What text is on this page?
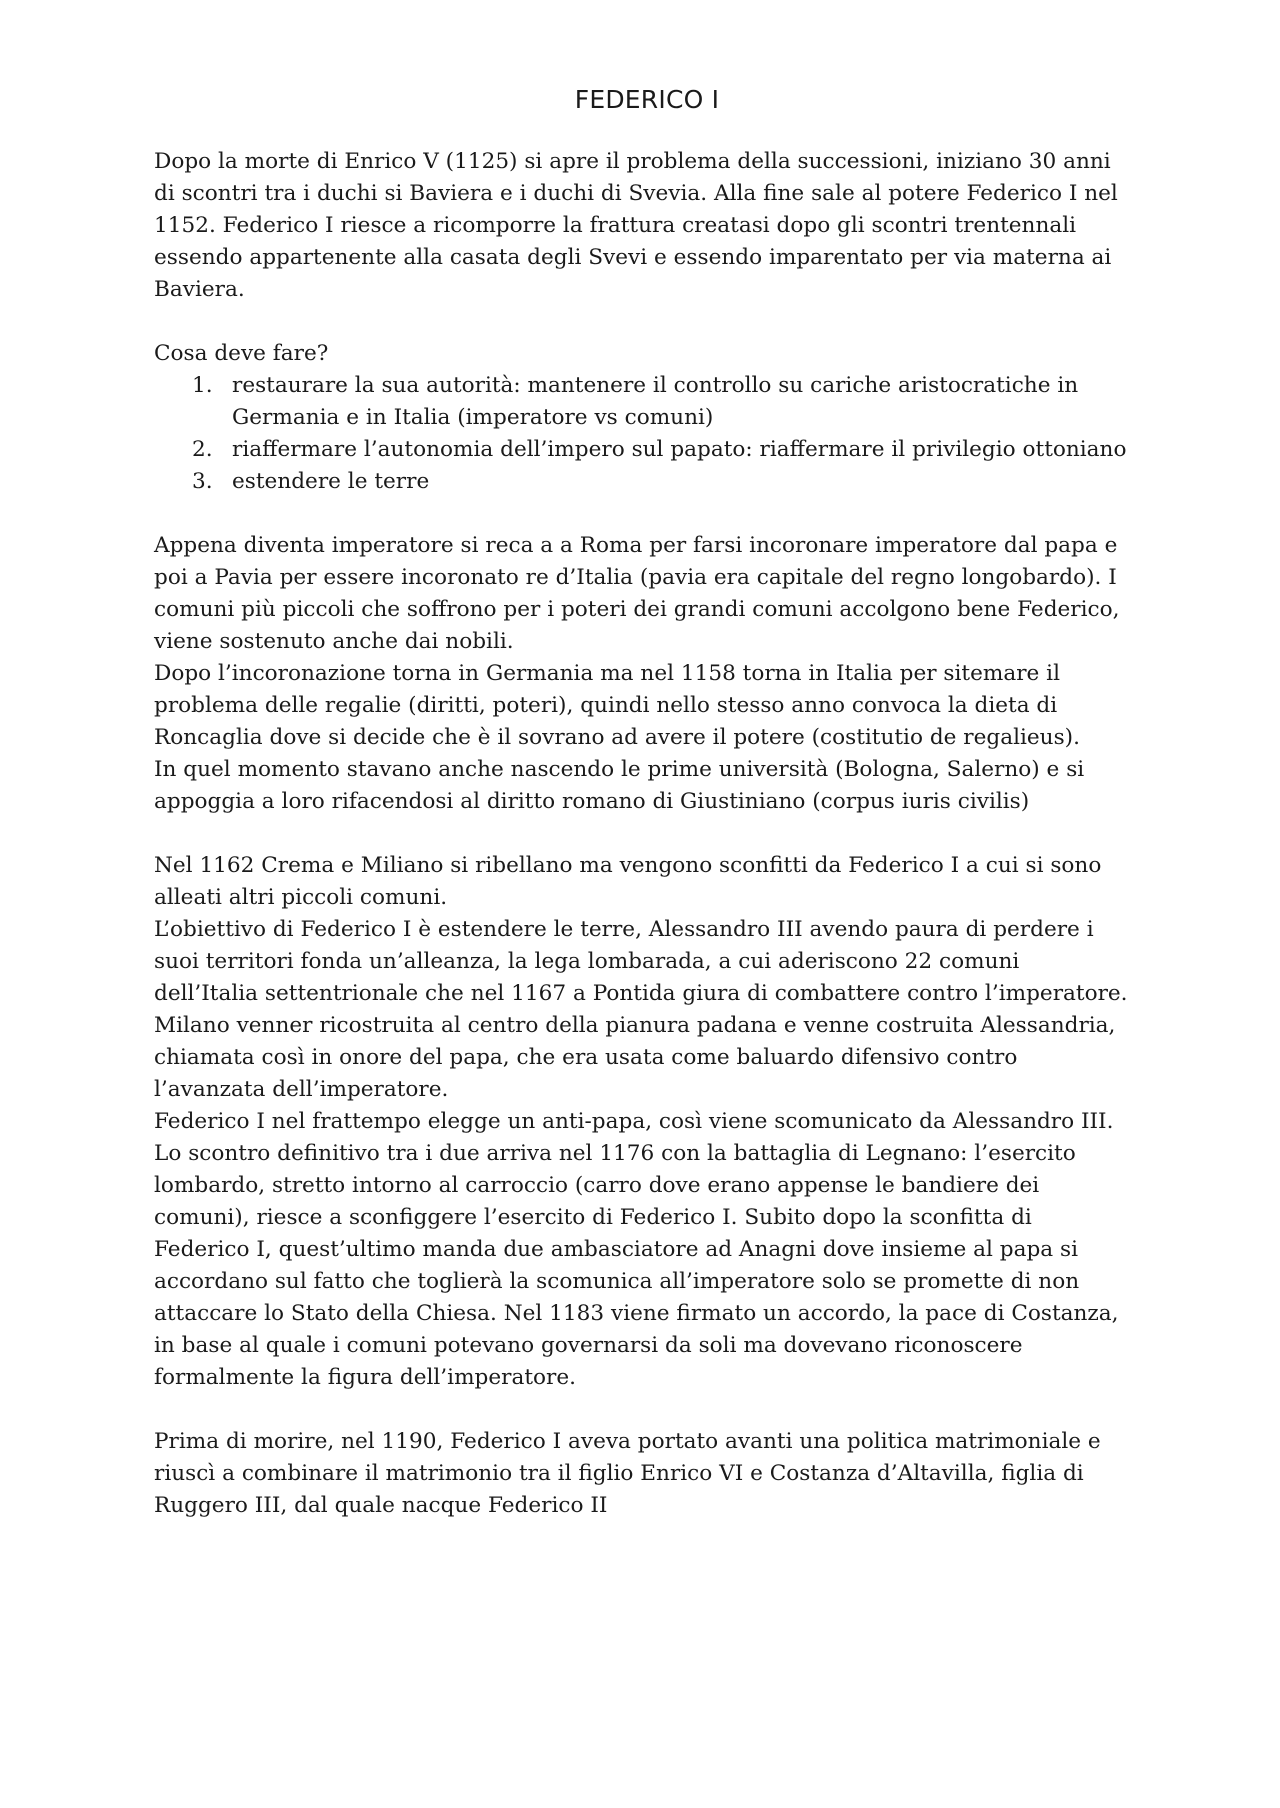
FEDERICO I

Dopo la morte di Enrico V (1125) si apre il problema della successioni, iniziano 30 anni di scontri tra i duchi si Baviera e i duchi di Svevia. Alla fine sale al potere Federico I nel 1152. Federico I riesce a ricomporre la frattura creatasi dopo gli scontri trentennali essendo appartenente alla casata degli Svevi e essendo imparentato per via materna ai Baviera.

Cosa deve fare?

1. restaurare la sua autorità: mantenere il controllo su cariche aristocratiche in Germania e in Italia (imperatore vs comuni)
2. riaffermare l’autonomia dell’impero sul papato: riaffermare il privilegio ottoniano
3. estendere le terre

Appena diventa imperatore si reca a a Roma per farsi incoronare imperatore dal papa e poi a Pavia per essere incoronato re d’Italia (pavia era capitale del regno longobardo). I comuni più piccoli che soffrono per i poteri dei grandi comuni accolgono bene Federico, viene sostenuto anche dai nobili.

Dopo l’incoronazione torna in Germania ma nel 1158 torna in Italia per sitemare il problema delle regalie (diritti, poteri), quindi nello stesso anno convoca la dieta di Roncaglia dove si decide che è il sovrano ad avere il potere (costitutio de regalieus).

In quel momento stavano anche nascendo le prime università (Bologna, Salerno) e si appoggia a loro rifacendosi al diritto romano di Giustiniano (corpus iuris civilis)

Nel 1162 Crema e Miliano si ribellano ma vengono sconfitti da Federico I a cui si sono alleati altri piccoli comuni.

L’obiettivo di Federico I è estendere le terre, Alessandro III avendo paura di perdere i suoi territori fonda un’alleanza, la lega lombarada, a cui aderiscono 22 comuni dell’Italia settentrionale che nel 1167 a Pontida giura di combattere contro l’imperatore. Milano venner ricostruita al centro della pianura padana e venne costruita Alessandria, chiamata così in onore del papa, che era usata come baluardo difensivo contro l’avanzata dell’imperatore.

Federico I nel frattempo elegge un anti-papa, così viene scomunicato da Alessandro III.

Lo scontro definitivo tra i due arriva nel 1176 con la battaglia di Legnano: l’esercito lombardo, stretto intorno al carroccio (carro dove erano appense le bandiere dei comuni), riesce a sconfiggere l’esercito di Federico I. Subito dopo la sconfitta di Federico I, quest’ultimo manda due ambasciatore ad Anagni dove insieme al papa si accordano sul fatto che toglierà la scomunica all’imperatore solo se promette di non attaccare lo Stato della Chiesa. Nel 1183 viene firmato un accordo, la pace di Costanza, in base al quale i comuni potevano governarsi da soli ma dovevano riconoscere formalmente la figura dell’imperatore.

Prima di morire, nel 1190, Federico I aveva portato avanti una politica matrimoniale e riuscì a combinare il matrimonio tra il figlio Enrico VI e Costanza d’Altavilla, figlia di Ruggero III, dal quale nacque Federico II
